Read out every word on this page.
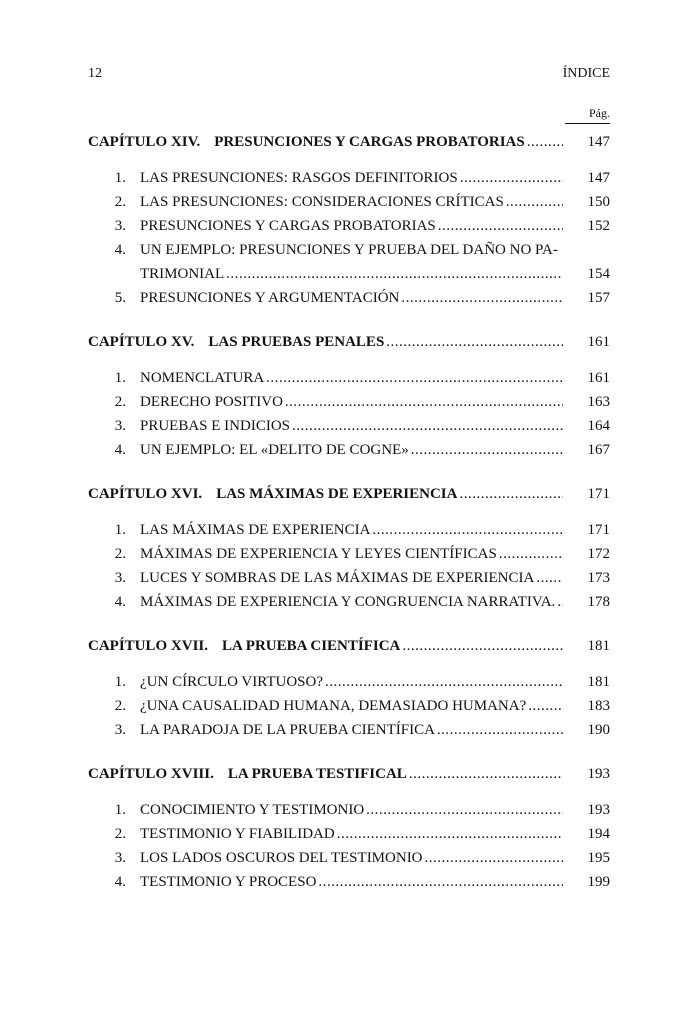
12	ÍNDICE
Pág.
CAPÍTULO XIV. PRESUNCIONES Y CARGAS PROBATORIAS .....	147
1. LAS PRESUNCIONES: RASGOS DEFINITORIOS .....	147
2. LAS PRESUNCIONES: CONSIDERACIONES CRÍTICAS .....	150
3. PRESUNCIONES Y CARGAS PROBATORIAS .....	152
4. UN EJEMPLO: PRESUNCIONES Y PRUEBA DEL DAÑO NO PA-
TRIMONIAL .....	154
5. PRESUNCIONES Y ARGUMENTACIÓN .....	157
CAPÍTULO XV. LAS PRUEBAS PENALES .....	161
1. NOMENCLATURA .....	161
2. DERECHO POSITIVO .....	163
3. PRUEBAS E INDICIOS .....	164
4. UN EJEMPLO: EL «DELITO DE COGNE» .....	167
CAPÍTULO XVI. LAS MÁXIMAS DE EXPERIENCIA .....	171
1. LAS MÁXIMAS DE EXPERIENCIA .....	171
2. MÁXIMAS DE EXPERIENCIA Y LEYES CIENTÍFICAS .....	172
3. LUCES Y SOMBRAS DE LAS MÁXIMAS DE EXPERIENCIA .....	173
4. MÁXIMAS DE EXPERIENCIA Y CONGRUENCIA NARRATIVA. .....	178
CAPÍTULO XVII. LA PRUEBA CIENTÍFICA .....	181
1. ¿UN CÍRCULO VIRTUOSO? .....	181
2. ¿UNA CAUSALIDAD HUMANA, DEMASIADO HUMANA? .....	183
3. LA PARADOJA DE LA PRUEBA CIENTÍFICA .....	190
CAPÍTULO XVIII. LA PRUEBA TESTIFICAL .....	193
1. CONOCIMIENTO Y TESTIMONIO .....	193
2. TESTIMONIO Y FIABILIDAD .....	194
3. LOS LADOS OSCUROS DEL TESTIMONIO .....	195
4. TESTIMONIO Y PROCESO .....	199
